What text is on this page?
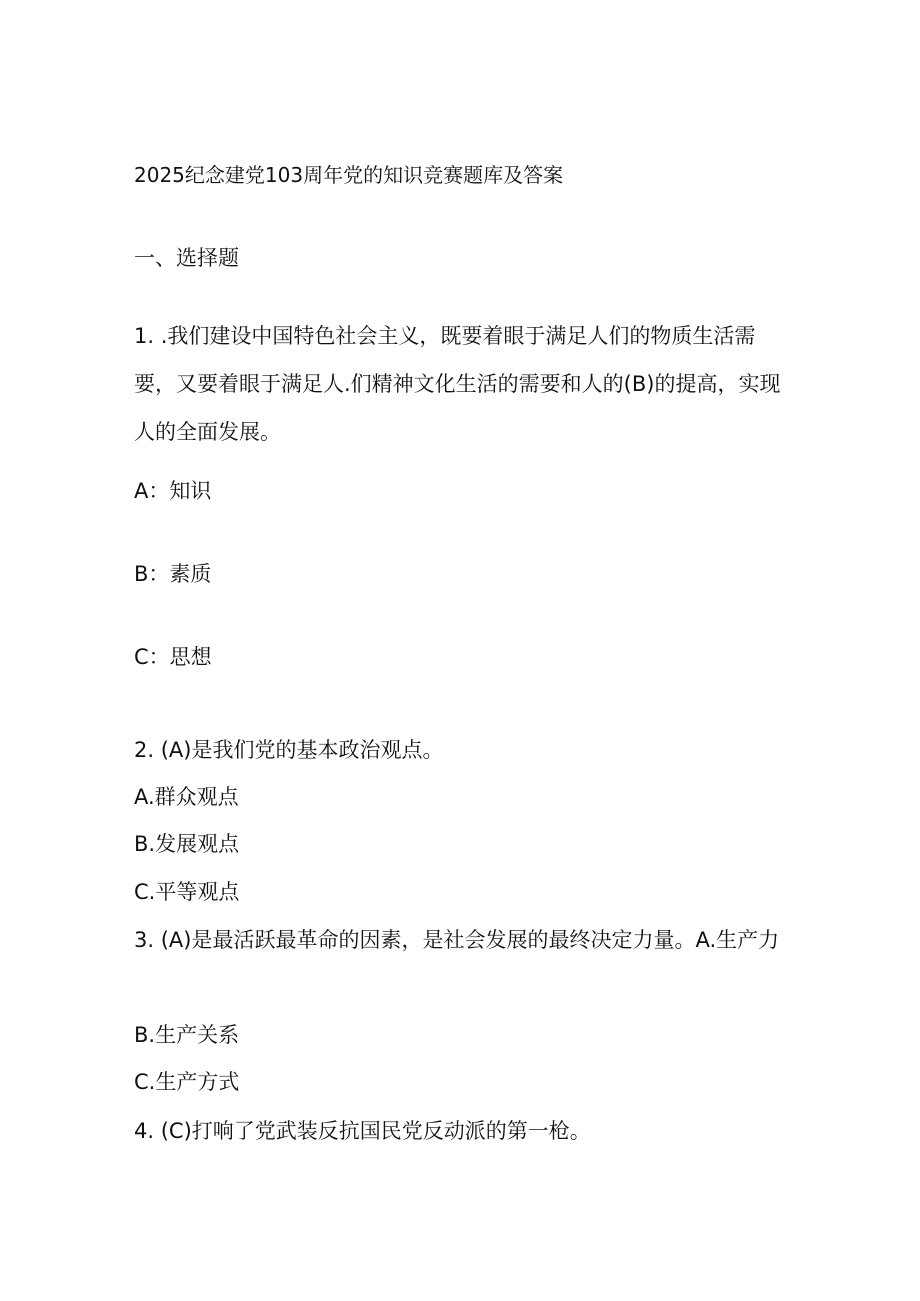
2025纪念建党103周年党的知识竞赛题库及答案
一、选择题
1. .我们建设中国特色社会主义，既要着眼于满足人们的物质生活需要，又要着眼于满足人.们精神文化生活的需要和人的(B)的提高，实现人的全面发展。
A：知识
B：素质
C：思想
2. (A)是我们党的基本政治观点。
A.群众观点
B.发展观点
C.平等观点
3. (A)是最活跃最革命的因素，是社会发展的最终决定力量。A.生产力
B.生产关系
C.生产方式
4. (C)打响了党武装反抗国民党反动派的第一枪。
